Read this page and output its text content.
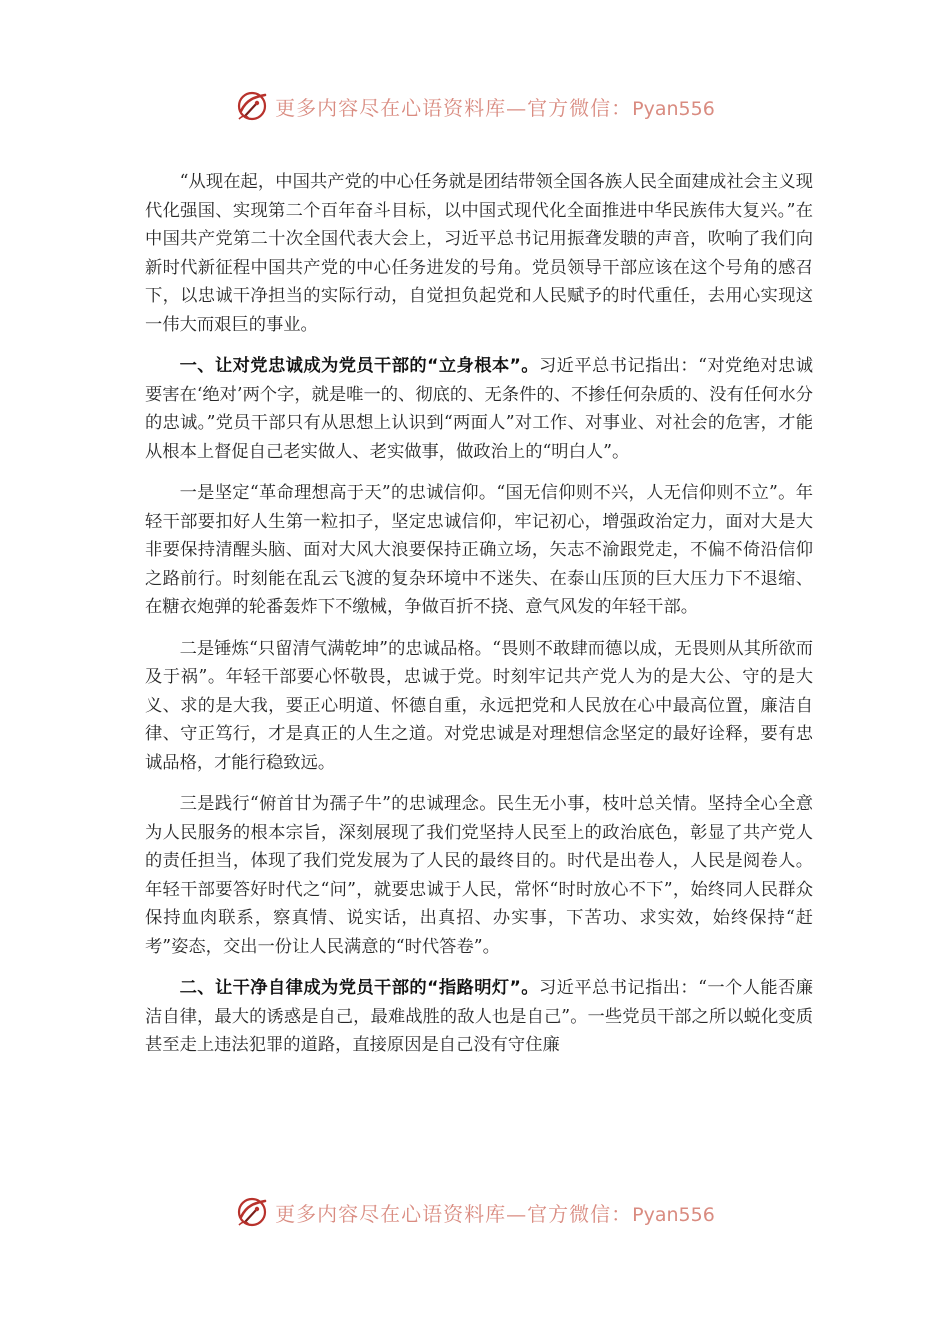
更多内容尽在心语资料库—官方微信：Pyan556

“从现在起，中国共产党的中心任务就是团结带领全国各族人民全面建成社会主义现代化强国、实现第二个百年奋斗目标，以中国式现代化全面推进中华民族伟大复兴。”在中国共产党第二十次全国代表大会上，习近平总书记用振聋发聩的声音，吹响了我们向新时代新征程中国共产党的中心任务进发的号角。党员领导干部应该在这个号角的感召下，以忠诚干净担当的实际行动，自觉担负起党和人民赋予的时代重任，去用心实现这一伟大而艰巨的事业。

一、让对党忠诚成为党员干部的“立身根本”。习近平总书记指出：“对党绝对忠诚要害在‘绝对’两个字，就是唯一的、彻底的、无条件的、不掺任何杂质的、没有任何水分的忠诚。”党员干部只有从思想上认识到“两面人”对工作、对事业、对社会的危害，才能从根本上督促自己老实做人、老实做事，做政治上的“明白人”。

一是坚定“革命理想高于天”的忠诚信仰。“国无信仰则不兴，人无信仰则不立”。年轻干部要扣好人生第一粒扣子，坚定忠诚信仰，牢记初心，增强政治定力，面对大是大非要保持清醒头脑、面对大风大浪要保持正确立场，矢志不渝跟党走，不偏不倚沿信仰之路前行。时刻能在乱云飞渡的复杂环境中不迷失、在泰山压顶的巨大压力下不退缩、在糖衣炮弹的轮番轰炸下不缴械，争做百折不挠、意气风发的年轻干部。

二是锤炼“只留清气满乾坤”的忠诚品格。“畏则不敢肆而德以成，无畏则从其所欲而及于祸”。年轻干部要心怀敬畏，忠诚于党。时刻牢记共产党人为的是大公、守的是大义、求的是大我，要正心明道、怀德自重，永远把党和人民放在心中最高位置，廉洁自律、守正笃行，才是真正的人生之道。对党忠诚是对理想信念坚定的最好诠释，要有忠诚品格，才能行稳致远。

三是践行“俯首甘为孺子牛”的忠诚理念。民生无小事，枝叶总关情。坚持全心全意为人民服务的根本宗旨，深刻展现了我们党坚持人民至上的政治底色，彰显了共产党人的责任担当，体现了我们党发展为了人民的最终目的。时代是出卷人，人民是阅卷人。年轻干部要答好时代之“问”，就要忠诚于人民，常怀“时时放心不下”，始终同人民群众保持血肉联系，察真情、说实话，出真招、办实事，下苦功、求实效，始终保持“赶考”姿态，交出一份让人民满意的“时代答卷”。

二、让干净自律成为党员干部的“指路明灯”。习近平总书记指出：“一个人能否廉洁自律，最大的诱惑是自己，最难战胜的敌人也是自己”。一些党员干部之所以蜕化变质甚至走上违法犯罪的道路，直接原因是自己没有守住廉

更多内容尽在心语资料库—官方微信：Pyan556
